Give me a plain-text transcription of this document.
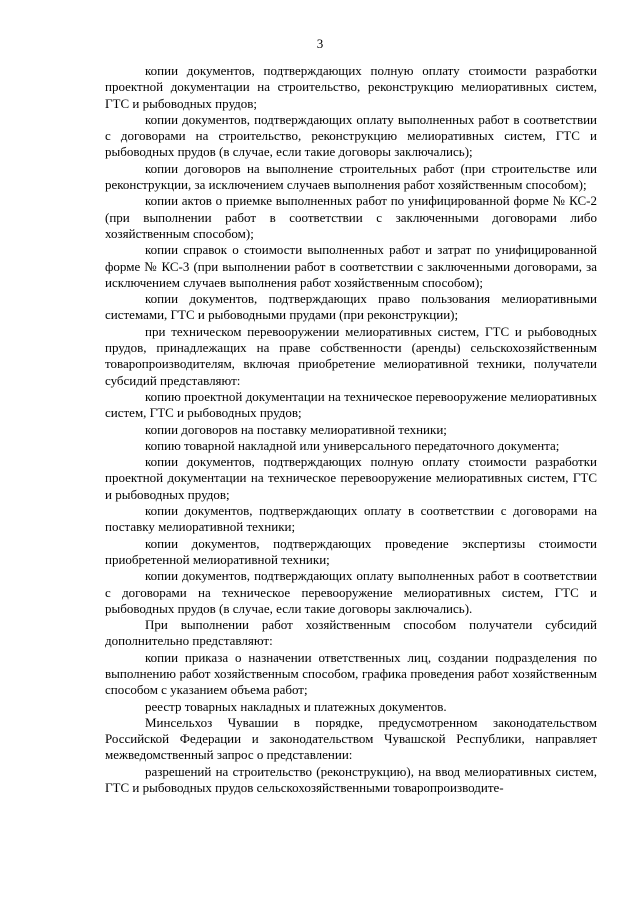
3

копии документов, подтверждающих полную оплату стоимости разработки проектной документации на строительство, реконструкцию мелиоративных систем, ГТС и рыбоводных прудов;

копии документов, подтверждающих оплату выполненных работ в соответствии с договорами на строительство, реконструкцию мелиоративных систем, ГТС и рыбоводных прудов (в случае, если такие договоры заключались);

копии договоров на выполнение строительных работ (при строительстве или реконструкции, за исключением случаев выполнения работ хозяйственным способом);

копии актов о приемке выполненных работ по унифицированной форме № КС-2 (при выполнении работ в соответствии с заключенными договорами либо хозяйственным способом);

копии справок о стоимости выполненных работ и затрат по унифицированной форме № КС-3 (при выполнении работ в соответствии с заключенными договорами, за исключением случаев выполнения работ хозяйственным способом);

копии документов, подтверждающих право пользования мелиоративными системами, ГТС и рыбоводными прудами (при реконструкции);

при техническом перевооружении мелиоративных систем, ГТС и рыбоводных прудов, принадлежащих на праве собственности (аренды) сельскохозяйственным товаропроизводителям, включая приобретение мелиоративной техники, получатели субсидий представляют:

копию проектной документации на техническое перевооружение мелиоративных систем, ГТС и рыбоводных прудов;

копии договоров на поставку мелиоративной техники;

копию товарной накладной или универсального передаточного документа;

копии документов, подтверждающих полную оплату стоимости разработки проектной документации на техническое перевооружение мелиоративных систем, ГТС и рыбоводных прудов;

копии документов, подтверждающих оплату в соответствии с договорами на поставку мелиоративной техники;

копии документов, подтверждающих проведение экспертизы стоимости приобретенной мелиоративной техники;

копии документов, подтверждающих оплату выполненных работ в соответствии с договорами на техническое перевооружение мелиоративных систем, ГТС и рыбоводных прудов (в случае, если такие договоры заключались).

При выполнении работ хозяйственным способом получатели субсидий дополнительно представляют:

копии приказа о назначении ответственных лиц, создании подразделения по выполнению работ хозяйственным способом, графика проведения работ хозяйственным способом с указанием объема работ;

реестр товарных накладных и платежных документов.

Минсельхоз Чувашии в порядке, предусмотренном законодательством Российской Федерации и законодательством Чувашской Республики, направляет межведомственный запрос о представлении:

разрешений на строительство (реконструкцию), на ввод мелиоративных систем, ГТС и рыбоводных прудов сельскохозяйственными товаропроизводите-
